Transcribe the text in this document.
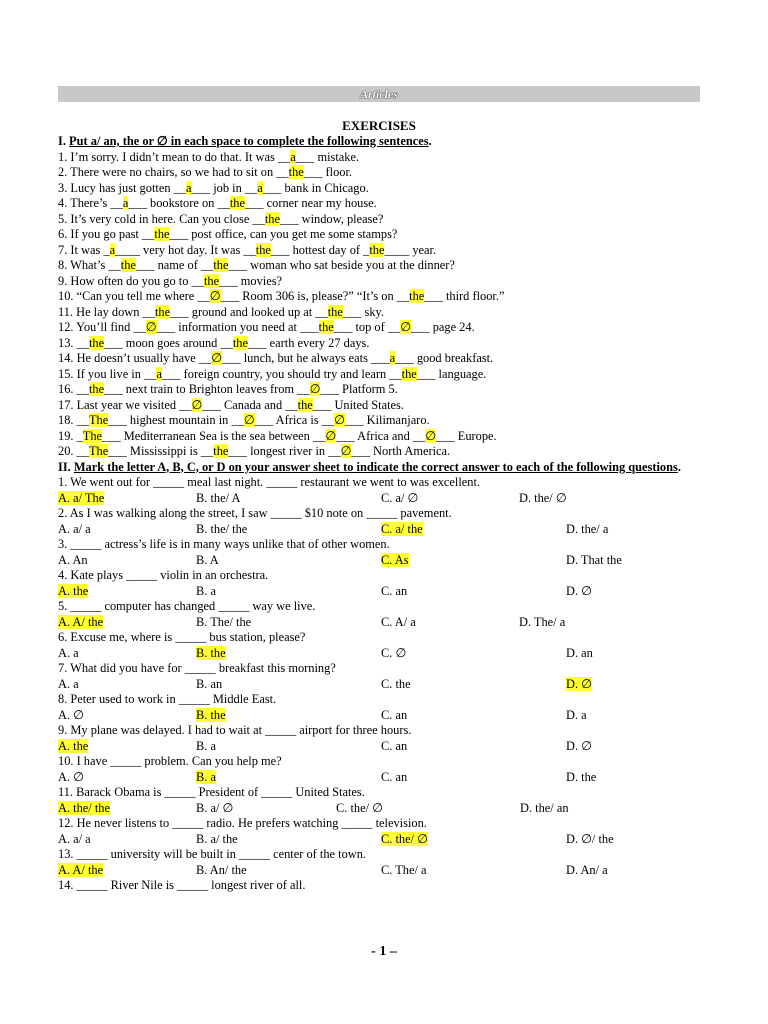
Articles
EXERCISES
I. Put a/ an, the or ∅ in each space to complete the following sentences.
1. I’m sorry. I didn’t mean to do that. It was __a___ mistake.
2. There were no chairs, so we had to sit on __the___ floor.
3. Lucy has just gotten __a___ job in __a___ bank in Chicago.
4. There’s __a___ bookstore on __the___ corner near my house.
5. It’s very cold in here. Can you close __the___ window, please?
6. If you go past __the___ post office, can you get me some stamps?
7. It was _a____ very hot day. It was __the___ hottest day of _the____ year.
8. What’s __the___ name of __the___ woman who sat beside you at the dinner?
9. How often do you go to __the___ movies?
10. “Can you tell me where __∅___ Room 306 is, please?” “It’s on __the___ third floor.”
11. He lay down __the___ ground and looked up at __the___ sky.
12. You’ll find __∅___ information you need at ___the___ top of __∅___ page 24.
13. __the___ moon goes around __the___ earth every 27 days.
14. He doesn’t usually have __∅___ lunch, but he always eats ___a___ good breakfast.
15. If you live in __a___ foreign country, you should try and learn __the___ language.
16. __the___ next train to Brighton leaves from __∅___ Platform 5.
17. Last year we visited __∅___ Canada and __the___ United States.
18. __The___ highest mountain in __∅___ Africa is __∅___ Kilimanjaro.
19. _The___ Mediterranean Sea is the sea between __∅___ Africa and __∅___ Europe.
20. __The___ Mississippi is __the___ longest river in __∅___ North America.
II. Mark the letter A, B, C, or D on your answer sheet to indicate the correct answer to each of the following questions.
1. We went out for _____ meal last night. _____ restaurant we went to was excellent.
A. a/ The	B. the/ A	C. a/ ∅	D. the/ ∅
2. As I was walking along the street, I saw _____ $10 note on _____ pavement.
A. a/ a	B. the/ the	C. a/ the	D. the/ a
3. _____ actress’s life is in many ways unlike that of other women.
A. An	B. A	C. As	D. That the
4. Kate plays _____ violin in an orchestra.
A. the	B. a	C. an	D. ∅
5. _____ computer has changed _____ way we live.
A. A/ the	B. The/ the	C. A/ a	D. The/ a
6. Excuse me, where is _____ bus station, please?
A. a	B. the	C. ∅	D. an
7. What did you have for _____ breakfast this morning?
A. a	B. an	C. the	D. ∅
8. Peter used to work in _____ Middle East.
A. ∅	B. the	C. an	D. a
9. My plane was delayed. I had to wait at _____ airport for three hours.
A. the	B. a	C. an	D. ∅
10. I have _____ problem. Can you help me?
A. ∅	B. a	C. an	D. the
11. Barack Obama is _____ President of _____ United States.
A. the/ the	B. a/ ∅	C. the/ ∅	D. the/ an
12. He never listens to _____ radio. He prefers watching _____ television.
A. a/ a	B. a/ the	C. the/ ∅	D. ∅/ the
13. _____ university will be built in _____ center of the town.
A. A/ the	B. An/ the	C. The/ a	D. An/ a
14. _____ River Nile is _____ longest river of all.
- 1 –
